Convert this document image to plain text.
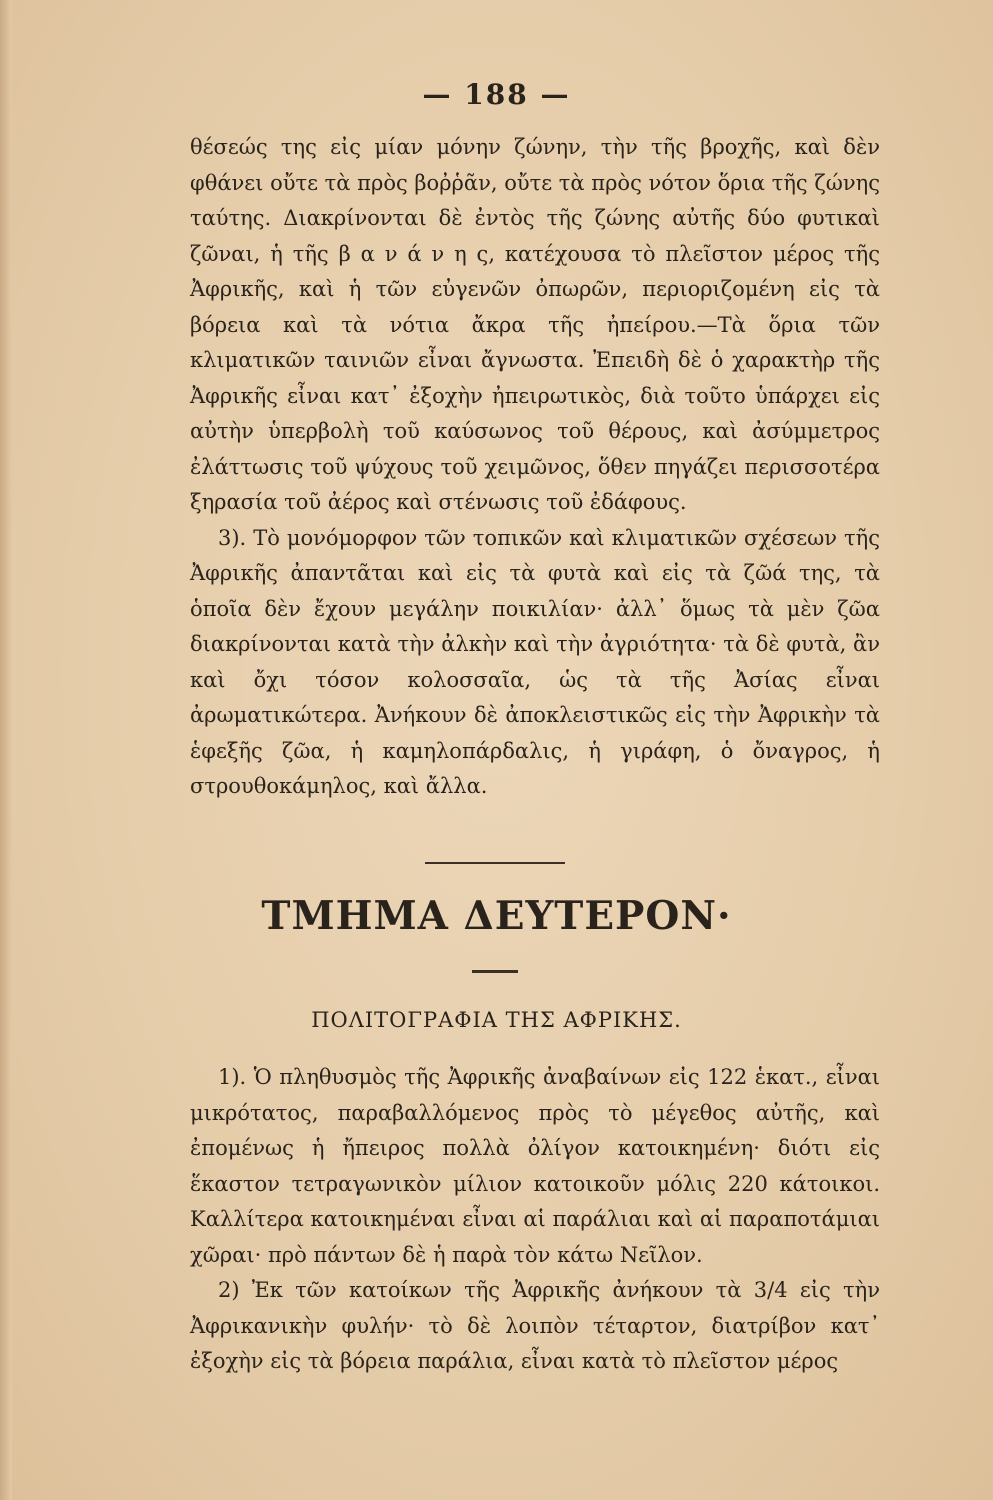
— 188 —

θέσεώς της εἰς μίαν μόνην ζώνην, τὴν τῆς βροχῆς, καὶ δὲν φθάνει οὔτε τὰ πρὸς βοῤῥᾶν, οὔτε τὰ πρὸς νότον ὅρια τῆς ζώνης ταύτης. Διακρίνονται δὲ ἐντὸς τῆς ζώνης αὐτῆς δύο φυτικαὶ ζῶναι, ἡ τῆς β α ν ά ν η ς, κατέχουσα τὸ πλεῖστον μέρος τῆς Ἀφρικῆς, καὶ ἡ τῶν εὐγενῶν ὀπωρῶν, περιοριζομένη εἰς τὰ βόρεια καὶ τὰ νότια ἄκρα τῆς ἠπείρου.—Τὰ ὅρια τῶν κλιματικῶν ταινιῶν εἶναι ἄγνωστα. Ἐπειδὴ δὲ ὁ χαρακτὴρ τῆς Ἀφρικῆς εἶναι κατ᾽ ἐξοχὴν ἠπειρωτικὸς, διὰ τοῦτο ὑπάρχει εἰς αὐτὴν ὑπερβολὴ τοῦ καύσωνος τοῦ θέρους, καὶ ἀσύμμετρος ἐλάττωσις τοῦ ψύχους τοῦ χειμῶνος, ὅθεν πηγάζει περισσοτέρα ξηρασία τοῦ ἀέρος καὶ στένωσις τοῦ ἐδάφους.

3). Τὸ μονόμορφον τῶν τοπικῶν καὶ κλιματικῶν σχέσεων τῆς Ἀφρικῆς ἀπαντᾶται καὶ εἰς τὰ φυτὰ καὶ εἰς τὰ ζῶά της, τὰ ὁποῖα δὲν ἔχουν μεγάλην ποικιλίαν· ἀλλ᾽ ὅμως τὰ μὲν ζῶα διακρίνονται κατὰ τὴν ἀλκὴν καὶ τὴν ἀγριότητα· τὰ δὲ φυτὰ, ἂν καὶ ὄχι τόσον κολοσσαῖα, ὡς τὰ τῆς Ἀσίας εἶναι ἀρωματικώτερα. Ἀνήκουν δὲ ἀποκλειστικῶς εἰς τὴν Ἀφρικὴν τὰ ἑφεξῆς ζῶα, ἡ καμηλοπάρδαλις, ἡ γιράφη, ὁ ὄναγρος, ἡ στρουθοκάμηλος, καὶ ἄλλα.

ΤΜΗΜΑ ΔΕΥΤΕΡΟΝ·
ΠΟΛΙΤΟΓΡΑΦΙΑ ΤΗΣ ΑΦΡΙΚΗΣ.

1). Ὁ πληθυσμὸς τῆς Ἀφρικῆς ἀναβαίνων εἰς 122 ἑκατ., εἶναι μικρότατος, παραβαλλόμενος πρὸς τὸ μέγεθος αὐτῆς, καὶ ἐπομένως ἡ ἤπειρος πολλὰ ὀλίγον κατοικημένη· διότι εἰς ἕκαστον τετραγωνικὸν μίλιον κατοικοῦν μόλις 220 κάτοικοι. Καλλίτερα κατοικημέναι εἶναι αἱ παράλιαι καὶ αἱ παραποτάμιαι χῶραι· πρὸ πάντων δὲ ἡ παρὰ τὸν κάτω Νεῖλον.

2) Ἐκ τῶν κατοίκων τῆς Ἀφρικῆς ἀνήκουν τὰ 3/4 εἰς τὴν Ἀφρικανικὴν φυλήν· τὸ δὲ λοιπὸν τέταρτον, διατρίβον κατ᾽ ἐξοχὴν εἰς τὰ βόρεια παράλια, εἶναι κατὰ τὸ πλεῖστον μέρος
